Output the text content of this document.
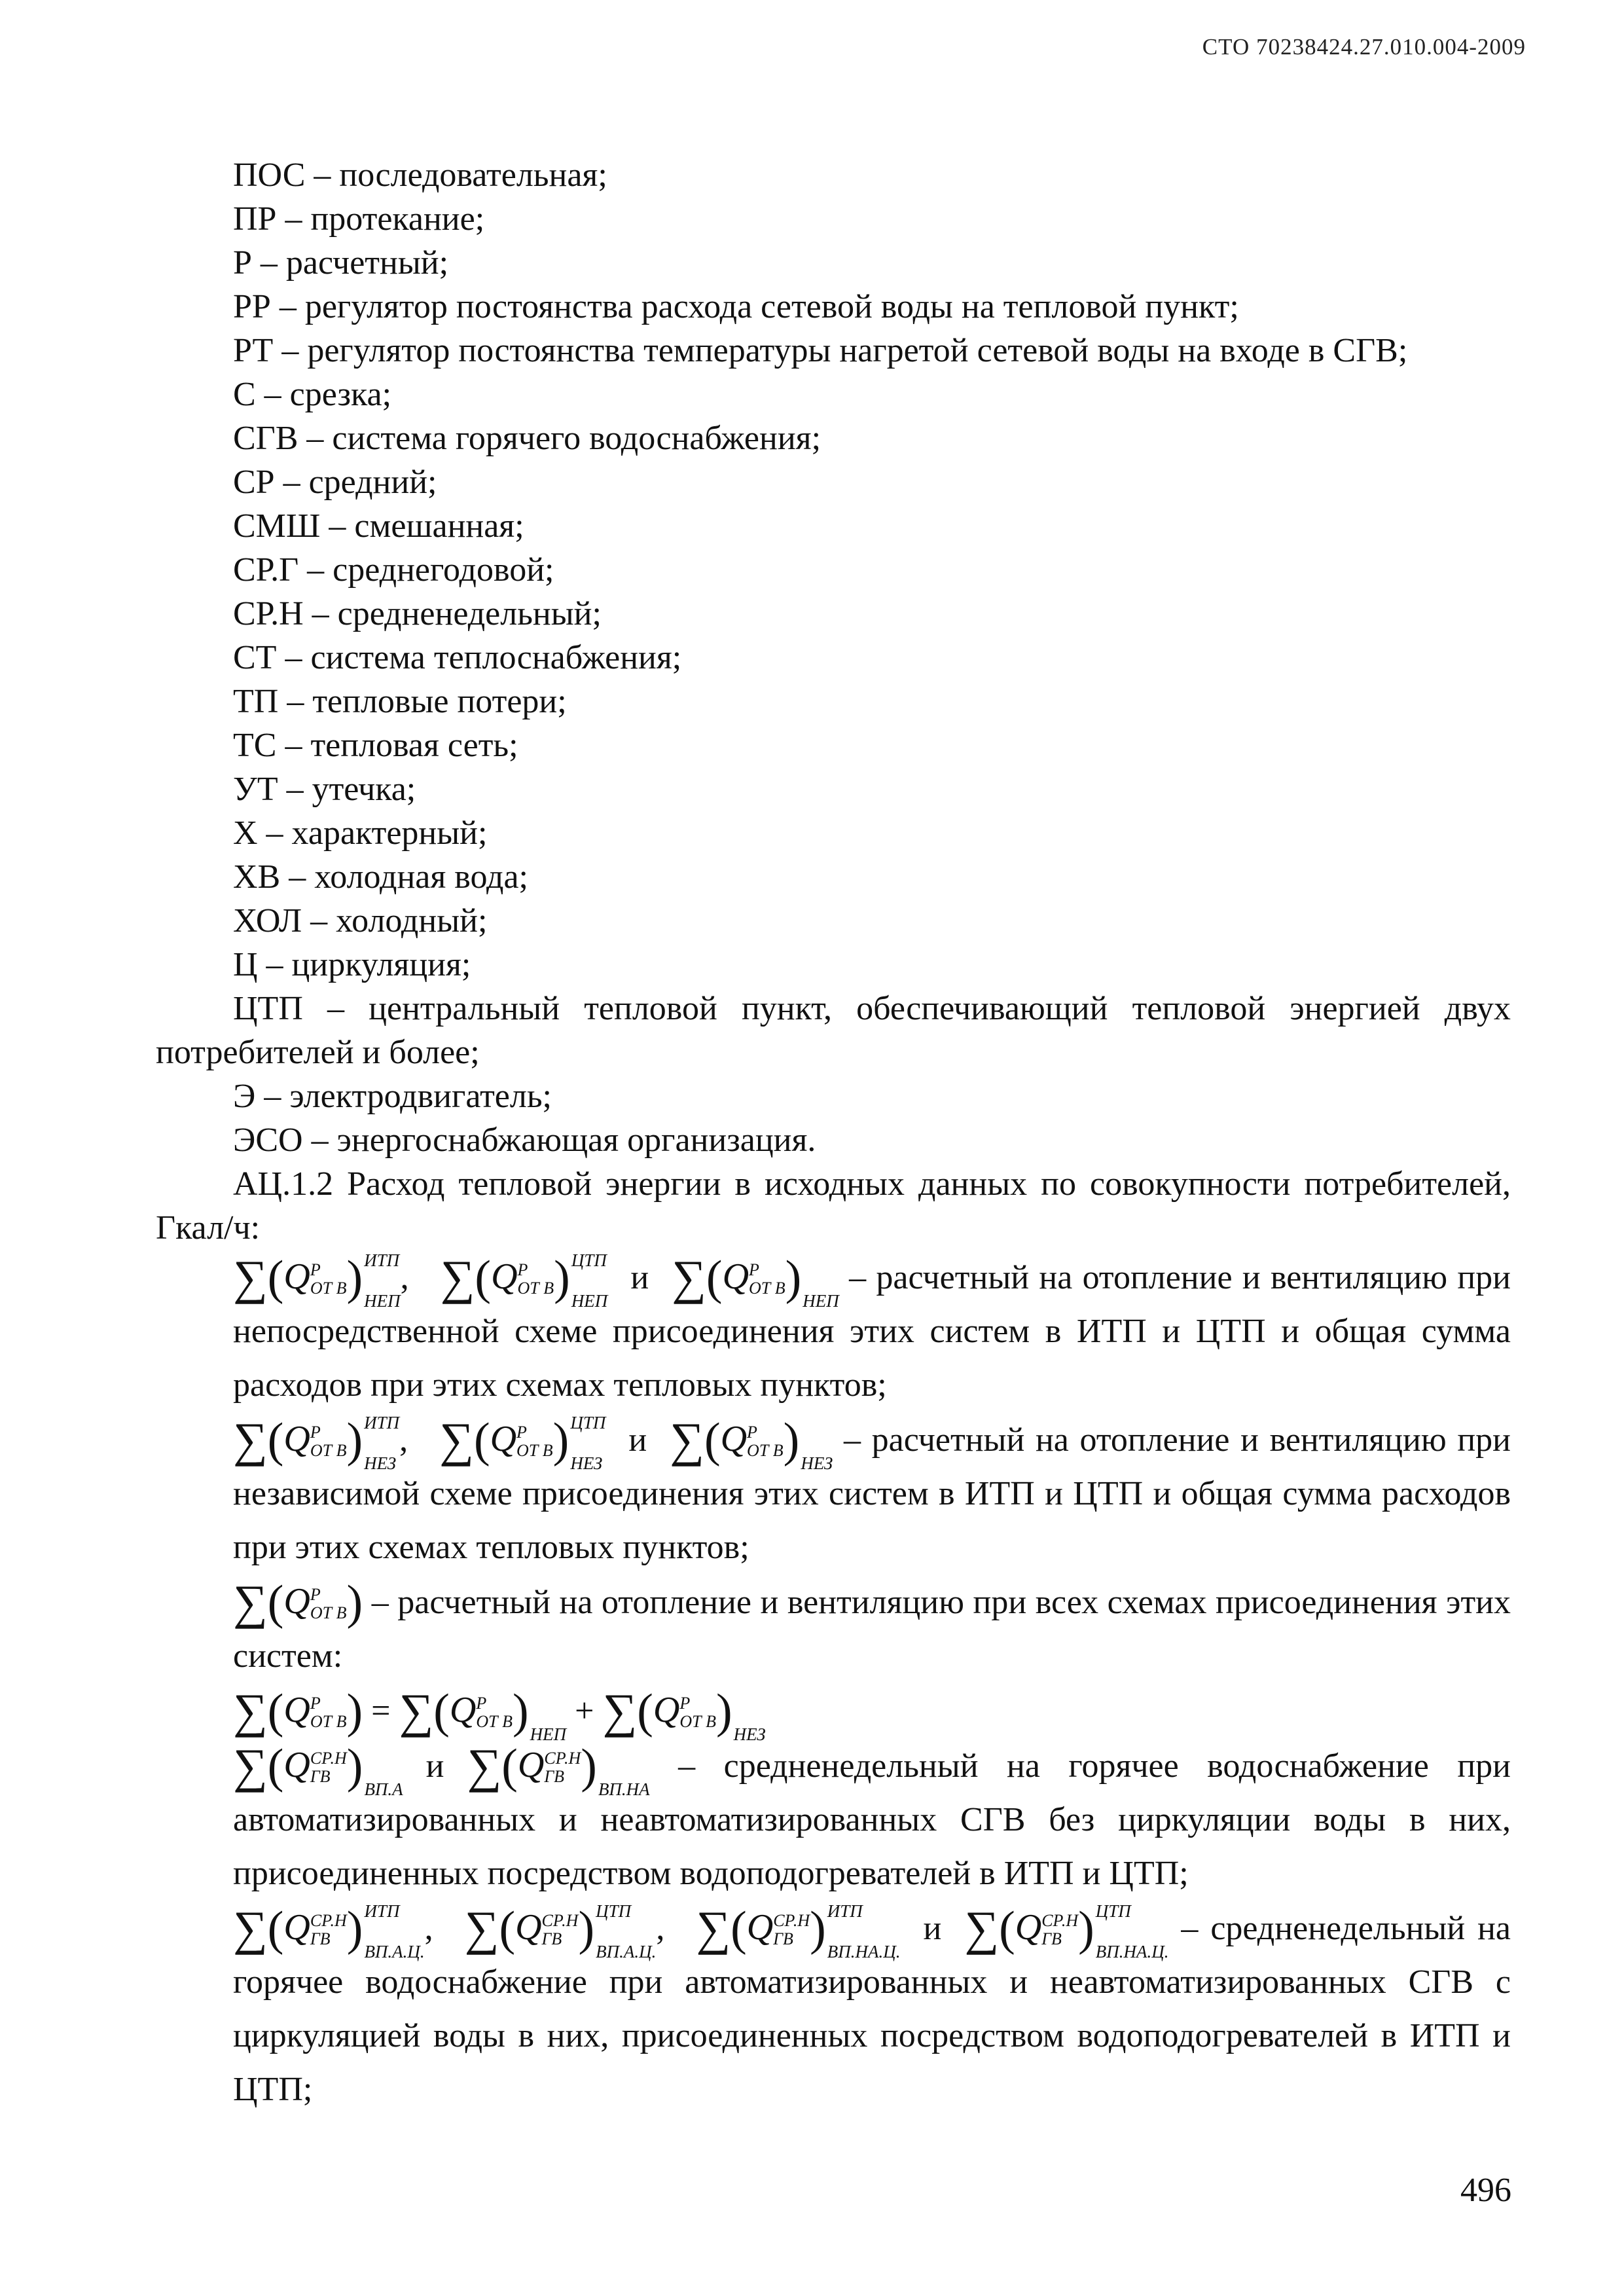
СТО 70238424.27.010.004-2009

ПОС – последовательная;

ПР – протекание;

Р – расчетный;

РР – регулятор постоянства расхода сетевой воды на тепловой пункт;

РТ – регулятор постоянства температуры нагретой сетевой воды на входе в СГВ;

С – срезка;

СГВ – система горячего водоснабжения;

СР – средний;

СМШ – смешанная;

СР.Г – среднегодовой;

СР.Н – средненедельный;

СТ – система теплоснабжения;

ТП – тепловые потери;

ТС – тепловая сеть;

УТ – утечка;

Х – характерный;

ХВ – холодная вода;

ХОЛ – холодный;

Ц – циркуляция;

ЦТП – центральный тепловой пункт, обеспечивающий тепловой энергией двух потребителей и более;

Э – электродвигатель;

ЭСО – энергоснабжающая организация.

АЦ.1.2 Расход тепловой энергии в исходных данных по совокупности потребителей, Гкал/ч:

∑(Q Р
ОТ В ) ИТП
НЕП
, ∑(Q Р
ОТ В ) ЦТП
НЕП
и ∑(Q Р
ОТ В )
НЕП
– расчетный на отопление и вентиляцию при непосредственной схеме присоединения этих систем в ИТП и ЦТП и общая сумма расходов при этих схемах тепловых пунктов;

∑(Q Р
ОТ В ) ИТП
НЕЗ
, ∑(Q Р
ОТ В ) ЦТП
НЕЗ
и ∑(Q Р
ОТ В )
НЕЗ
– расчетный на отопление и вентиляцию при независимой схеме присоединения этих систем в ИТП и ЦТП и общая сумма расходов при этих схемах тепловых пунктов;

∑(Q Р
ОТ В ) – расчетный на отопление и вентиляцию при всех схемах присоединения этих систем:

∑(Q Р
ОТ В ) = ∑(Q Р
ОТ В )
НЕП
+ ∑(Q Р
ОТ В )
НЕЗ

∑(Q СР.Н
ГВ )
ВП.А
и ∑(Q СР.Н
ГВ )
ВП.НА
– средненедельный на горячее водоснабжение при автоматизированных и неавтоматизированных СГВ без циркуляции воды в них, присоединенных посредством водоподогревателей в ИТП и ЦТП;

∑(Q СР.Н
ГВ ) ИТП
ВП.А.Ц.
, ∑(Q СР.Н
ГВ ) ЦТП
ВП.А.Ц.
, ∑(Q СР.Н
ГВ ) ИТП
ВП.НА.Ц.
и ∑(Q СР.Н
ГВ ) ЦТП
ВП.НА.Ц.
– средненедельный на горячее водоснабжение при автоматизированных и неавтоматизированных СГВ с циркуляцией воды в них, присоединенных посредством водоподогревателей в ИТП и ЦТП;

496
